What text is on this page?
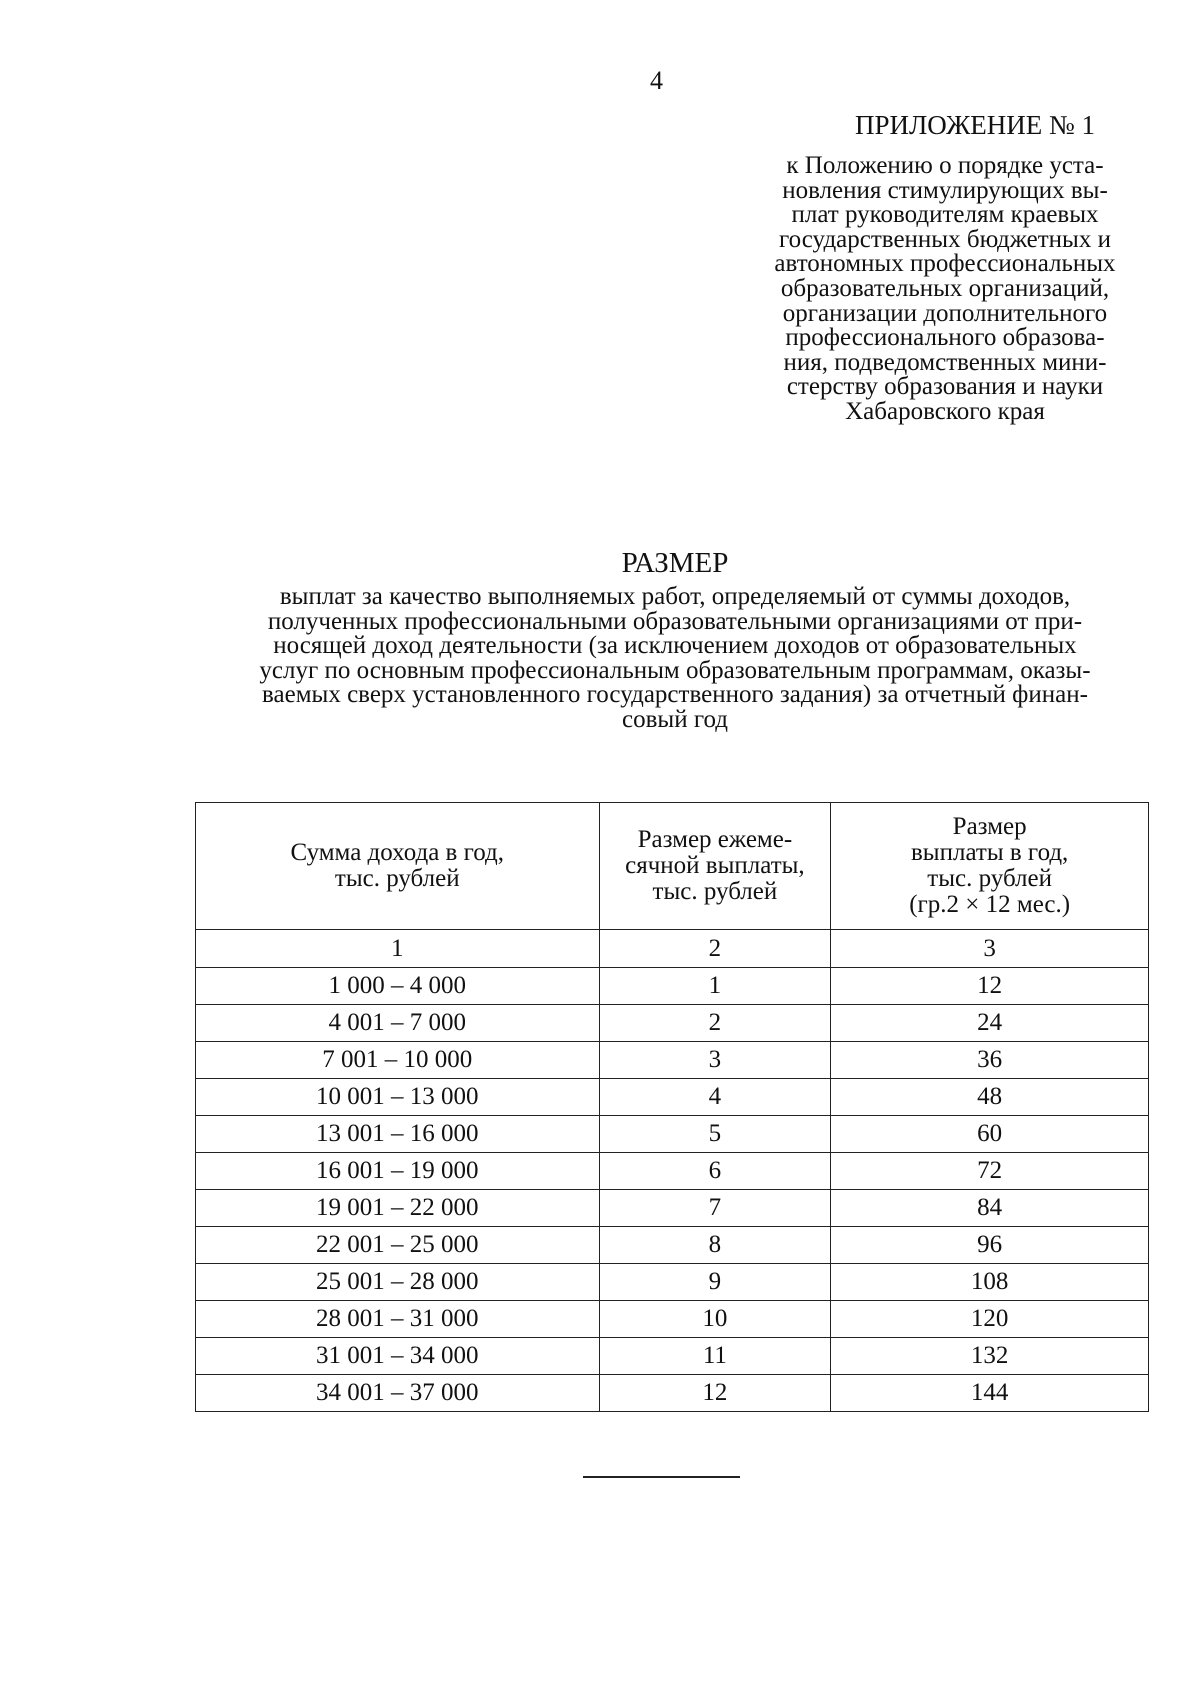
4
ПРИЛОЖЕНИЕ № 1
к Положению о порядке уста-
новления стимулирующих вы-
плат руководителям краевых
государственных бюджетных и
автономных профессиональных
образовательных организаций,
организации дополнительного
профессионального образова-
ния, подведомственных мини-
стерству образования и науки
Хабаровского края
РАЗМЕР
выплат за качество выполняемых работ, определяемый от суммы доходов,
полученных профессиональными образовательными организациями от при-
носящей доход деятельности (за исключением доходов от образовательных
услуг по основным профессиональным образовательным программам, оказы-
ваемых сверх установленного государственного задания) за отчетный финан-
совый год
Сумма дохода в год,
тыс. рублей	Размер ежеме-
сячной выплаты,
тыс. рублей	Размер
выплаты в год,
тыс. рублей
(гр.2 × 12 мес.)

1	2	3
1 000 – 4 000	1	12
4 001 – 7 000	2	24
7 001 – 10 000	3	36
10 001 – 13 000	4	48
13 001 – 16 000	5	60
16 001 – 19 000	6	72
19 001 – 22 000	7	84
22 001 – 25 000	8	96
25 001 – 28 000	9	108
28 001 – 31 000	10	120
31 001 – 34 000	11	132
34 001 – 37 000	12	144
